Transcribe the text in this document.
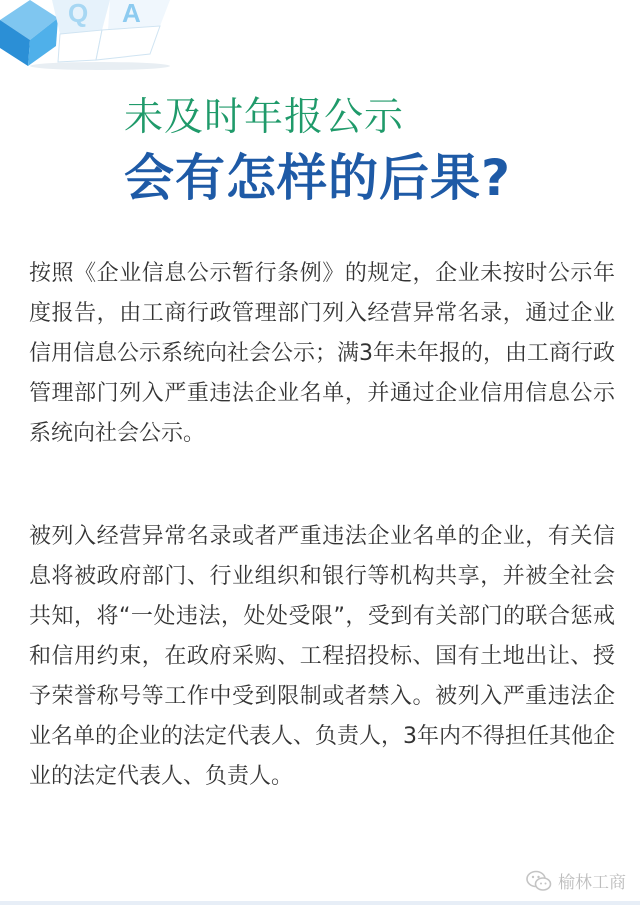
Q A
未及时年报公示
会有怎样的后果?

按照《企业信息公示暂行条例》的规定，企业未按时公示年度报告，由工商行政管理部门列入经营异常名录，通过企业信用信息公示系统向社会公示；满3年未年报的，由工商行政管理部门列入严重违法企业名单，并通过企业信用信息公示系统向社会公示。

被列入经营异常名录或者严重违法企业名单的企业，有关信息将被政府部门、行业组织和银行等机构共享，并被全社会共知，将“一处违法，处处受限”，受到有关部门的联合惩戒和信用约束，在政府采购、工程招投标、国有土地出让、授予荣誉称号等工作中受到限制或者禁入。被列入严重违法企业名单的企业的法定代表人、负责人，3年内不得担任其他企业的法定代表人、负责人。

榆林工商
